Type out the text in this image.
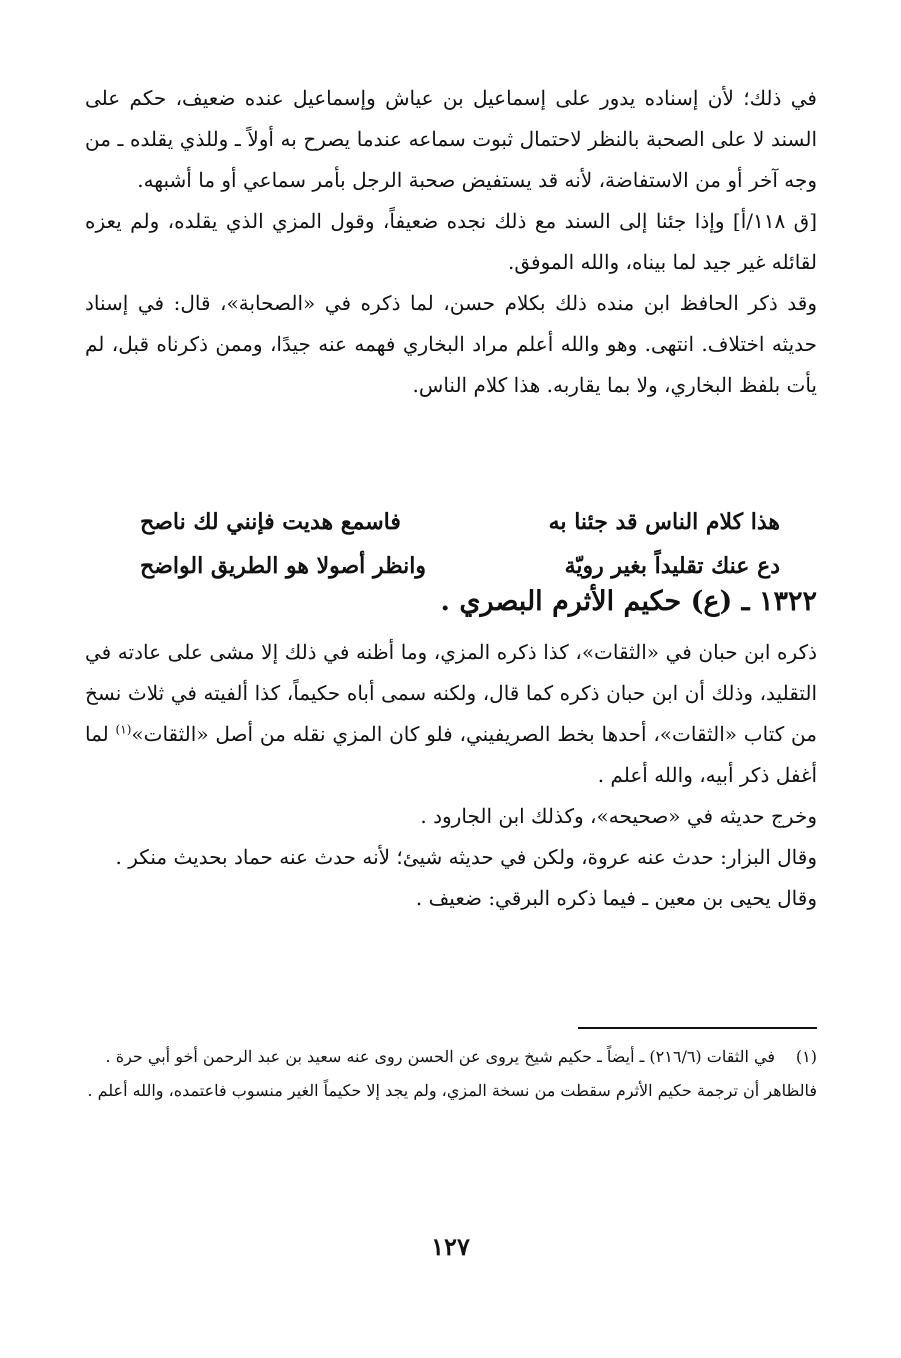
في ذلك؛ لأن إسناده يدور على إسماعيل بن عياش وإسماعيل عنده ضعيف، حكم على السند لا على الصحبة بالنظر لاحتمال ثبوت سماعه عندما يصرح به أولاً ـ وللذي يقلده ـ من وجه آخر أو من الاستفاضة، لأنه قد يستفيض صحبة الرجل بأمر سماعي أو ما أشبهه.

[ق ١١٨/أ] وإذا جئنا إلى السند مع ذلك نجده ضعيفاً، وقول المزي الذي يقلده، ولم يعزه لقائله غير جيد لما بيناه، والله الموفق.

وقد ذكر الحافظ ابن منده ذلك بكلام حسن، لما ذكره في «الصحابة»، قال: في إسناد حديثه اختلاف. انتهى. وهو والله أعلم مراد البخاري فهمه عنه جيدًا، وممن ذكرناه قبل، لم يأت بلفظ البخاري، ولا بما يقاربه. هذا كلام الناس.

هذا كلام الناس قد جئنا به
فاسمع هديت فإنني لك ناصح
دع عنك تقليداً بغير رويّة
وانظر أصولا هو الطريق الواضح
١٣٢٢ ـ (ع) حكيم الأثرم البصري .

ذكره ابن حبان في «الثقات»، كذا ذكره المزي، وما أظنه في ذلك إلا مشى على عادته في التقليد، وذلك أن ابن حبان ذكره كما قال، ولكنه سمى أباه حكيماً، كذا ألفيته في ثلاث نسخ من كتاب «الثقات»، أحدها بخط الصريفيني، فلو كان المزي نقله من أصل «الثقات»$^{(١)}$ لما أغفل ذكر أبيه، والله أعلم .

وخرج حديثه في «صحيحه»، وكذلك ابن الجارود .

وقال البزار: حدث عنه عروة، ولكن في حديثه شيئ؛ لأنه حدث عنه حماد بحديث منكر .

وقال يحيى بن معين ـ فيما ذكره البرقي: ضعيف .

(١)في الثقات (٢١٦/٦) ـ أيضاً ـ حكيم شيخ يروى عن الحسن روى عنه سعيد بن عبد الرحمن أخو أبي حرة .

فالظاهر أن ترجمة حكيم الأثرم سقطت من نسخة المزي، ولم يجد إلا حكيماً الغير منسوب فاعتمده، والله أعلم .

١٢٧
